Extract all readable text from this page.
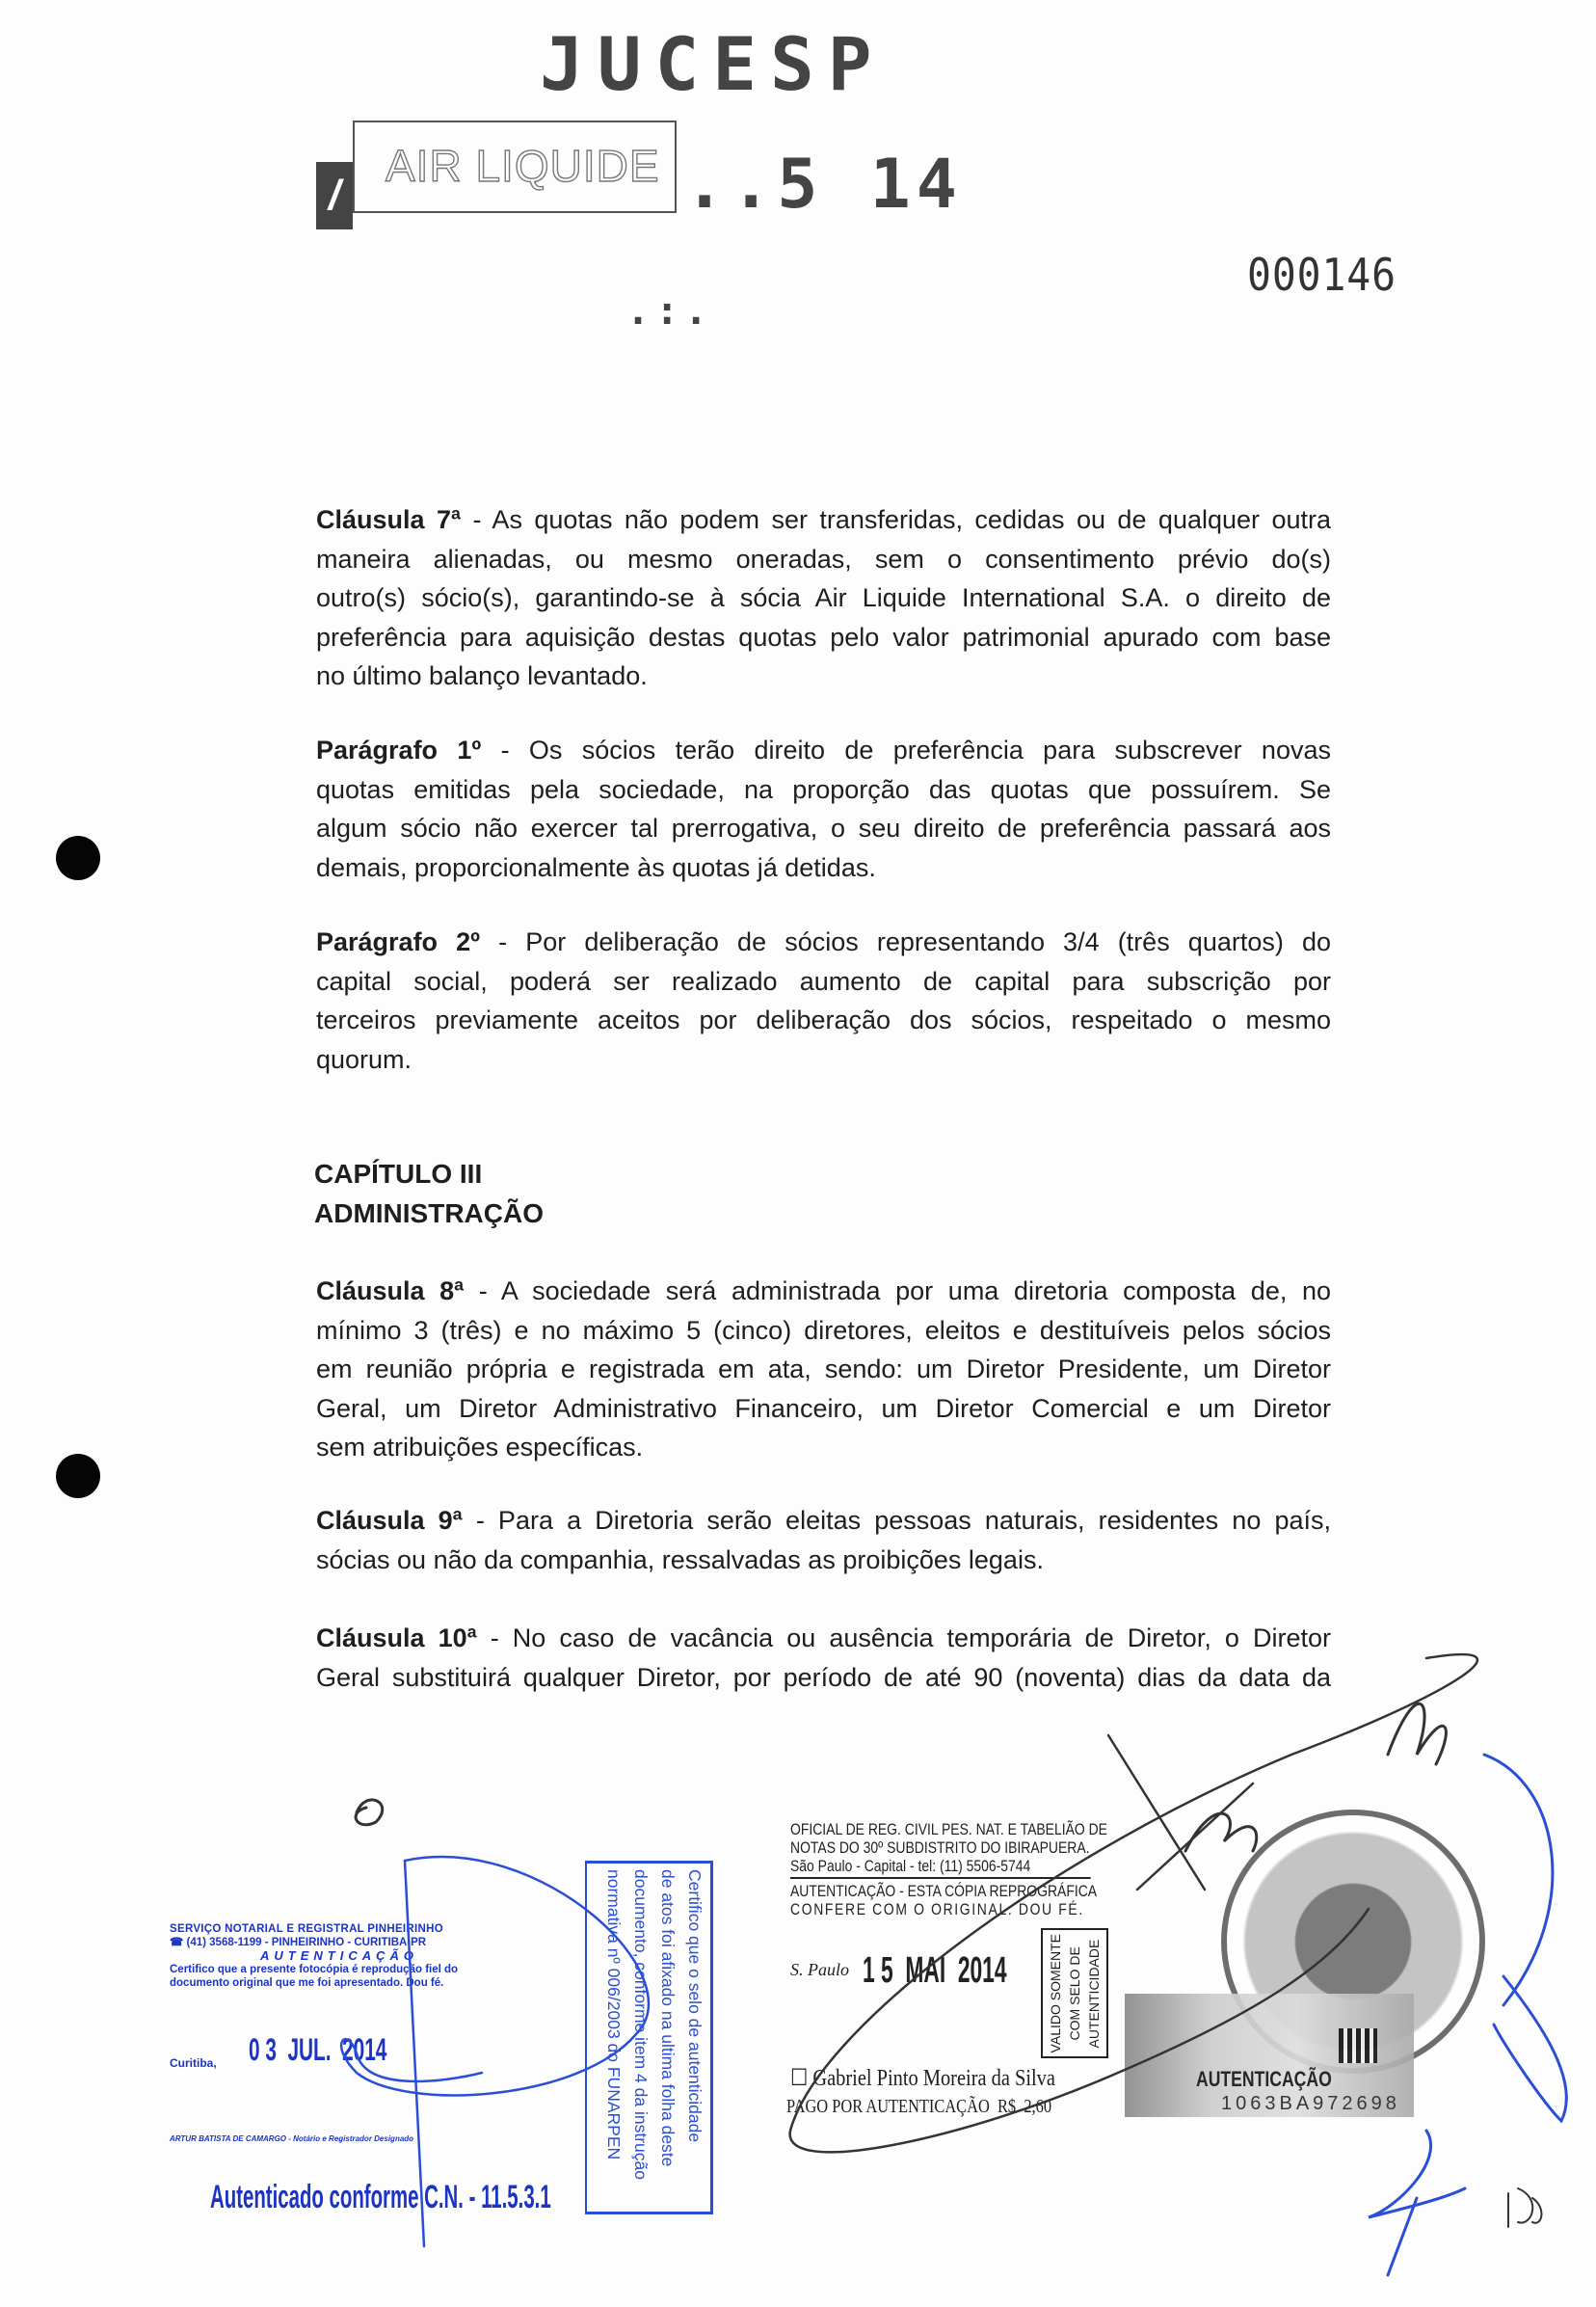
JUCESP
/
AIR LIQUIDE ..5 14
.:.
000146
Cláusula 7ª - As quotas não podem ser transferidas, cedidas ou de qualquer outra
maneira alienadas, ou mesmo oneradas, sem o consentimento prévio do(s)
outro(s) sócio(s), garantindo-se à sócia Air Liquide International S.A. o direito de
preferência para aquisição destas quotas pelo valor patrimonial apurado com base
no último balanço levantado.
Parágrafo 1º - Os sócios terão direito de preferência para subscrever novas
quotas emitidas pela sociedade, na proporção das quotas que possuírem. Se
algum sócio não exercer tal prerrogativa, o seu direito de preferência passará aos
demais, proporcionalmente às quotas já detidas.
Parágrafo 2º - Por deliberação de sócios representando 3/4 (três quartos) do
capital social, poderá ser realizado aumento de capital para subscrição por
terceiros previamente aceitos por deliberação dos sócios, respeitado o mesmo
quorum.
Cláusula 8ª - A sociedade será administrada por uma diretoria composta de, no
mínimo 3 (três) e no máximo 5 (cinco) diretores, eleitos e destituíveis pelos sócios
em reunião própria e registrada em ata, sendo: um Diretor Presidente, um Diretor
Geral, um Diretor Administrativo Financeiro, um Diretor Comercial e um Diretor
sem atribuições específicas.
Cláusula 9ª - Para a Diretoria serão eleitas pessoas naturais, residentes no país,
sócias ou não da companhia, ressalvadas as proibições legais.
Cláusula 10ª - No caso de vacância ou ausência temporária de Diretor, o Diretor
Geral substituirá qualquer Diretor, por período de até 90 (noventa) dias da data da
CAPÍTULO III
ADMINISTRAÇÃO
SERVIÇO NOTARIAL E REGISTRAL PINHEIRINHO
☎ (41) 3568-1199 - PINHEIRINHO - CURITIBA-PR
AUTENTICAÇÃO
Certifico que a presente fotocópia é reprodução fiel do documento original que me foi apresentado. Dou fé.
Curitiba, 0 3  JUL.  2014
ARTUR BATISTA DE CAMARGO - Notário e Registrador Designado
Autenticado conforme C.N. - 11.5.3.1
Certifico que o selo de autenticidade
de atos foi afixado na ultima folha deste
documento, conforme item 4 da instrução
normativa nº 006/2003 do FUNARPEN
OFICIAL DE REG. CIVIL PES. NAT. E TABELIÃO DE
NOTAS DO 30º SUBDISTRITO DO IBIRAPUERA.
São Paulo - Capital - tel: (11) 5506-5744
AUTENTICAÇÃO - ESTA CÓPIA REPROGRÁFICA
CONFERE COM O ORIGINAL. DOU FÉ.
S. Paulo 1 5  MAI  2014	VALIDO SOMENTE COM SELO DE AUTENTICIDADE
☐ Gabriel Pinto Moreira da Silva
PAGO POR AUTENTICAÇÃO  R$  2,60
AUTENTICAÇÃO
1063BA972698
